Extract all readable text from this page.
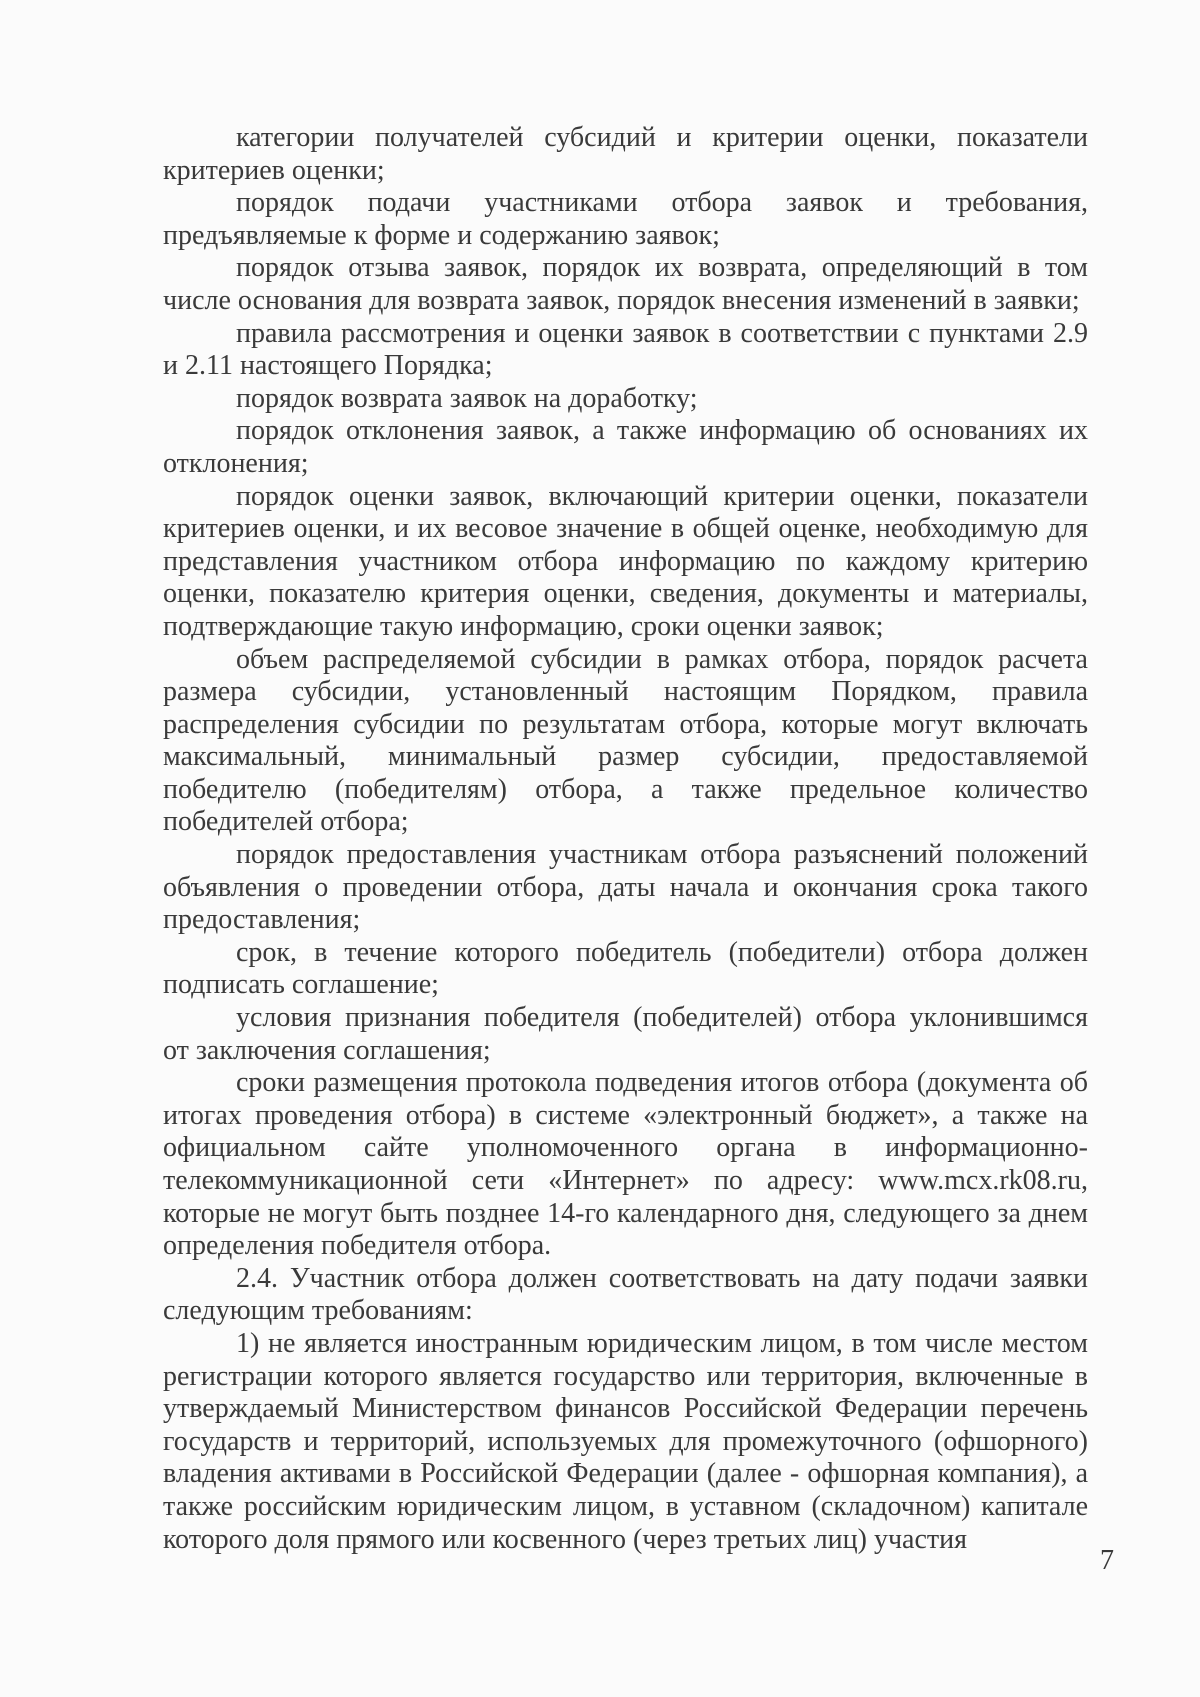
категории получателей субсидий и критерии оценки, показатели критериев оценки;

порядок подачи участниками отбора заявок и требования, предъявляемые к форме и содержанию заявок;

порядок отзыва заявок, порядок их возврата, определяющий в том числе основания для возврата заявок, порядок внесения изменений в заявки;

правила рассмотрения и оценки заявок в соответствии с пунктами 2.9 и 2.11 настоящего Порядка;

порядок возврата заявок на доработку;

порядок отклонения заявок, а также информацию об основаниях их отклонения;

порядок оценки заявок, включающий критерии оценки, показатели критериев оценки, и их весовое значение в общей оценке, необходимую для представления участником отбора информацию по каждому критерию оценки, показателю критерия оценки, сведения, документы и материалы, подтверждающие такую информацию, сроки оценки заявок;

объем распределяемой субсидии в рамках отбора, порядок расчета размера субсидии, установленный настоящим Порядком, правила распределения субсидии по результатам отбора, которые могут включать максимальный, минимальный размер субсидии, предоставляемой победителю (победителям) отбора, а также предельное количество победителей отбора;

порядок предоставления участникам отбора разъяснений положений объявления о проведении отбора, даты начала и окончания срока такого предоставления;

срок, в течение которого победитель (победители) отбора должен подписать соглашение;

условия признания победителя (победителей) отбора уклонившимся от заключения соглашения;

сроки размещения протокола подведения итогов отбора (документа об итогах проведения отбора) в системе «электронный бюджет», а также на официальном сайте уполномоченного органа в информационно-телекоммуникационной сети «Интернет» по адресу: www.mcx.rk08.ru, которые не могут быть позднее 14-го календарного дня, следующего за днем определения победителя отбора.

2.4. Участник отбора должен соответствовать на дату подачи заявки следующим требованиям:

1) не является иностранным юридическим лицом, в том числе местом регистрации которого является государство или территория, включенные в утверждаемый Министерством финансов Российской Федерации перечень государств и территорий, используемых для промежуточного (офшорного) владения активами в Российской Федерации (далее - офшорная компания), а также российским юридическим лицом, в уставном (складочном) капитале которого доля прямого или косвенного (через третьих лиц) участия

7
